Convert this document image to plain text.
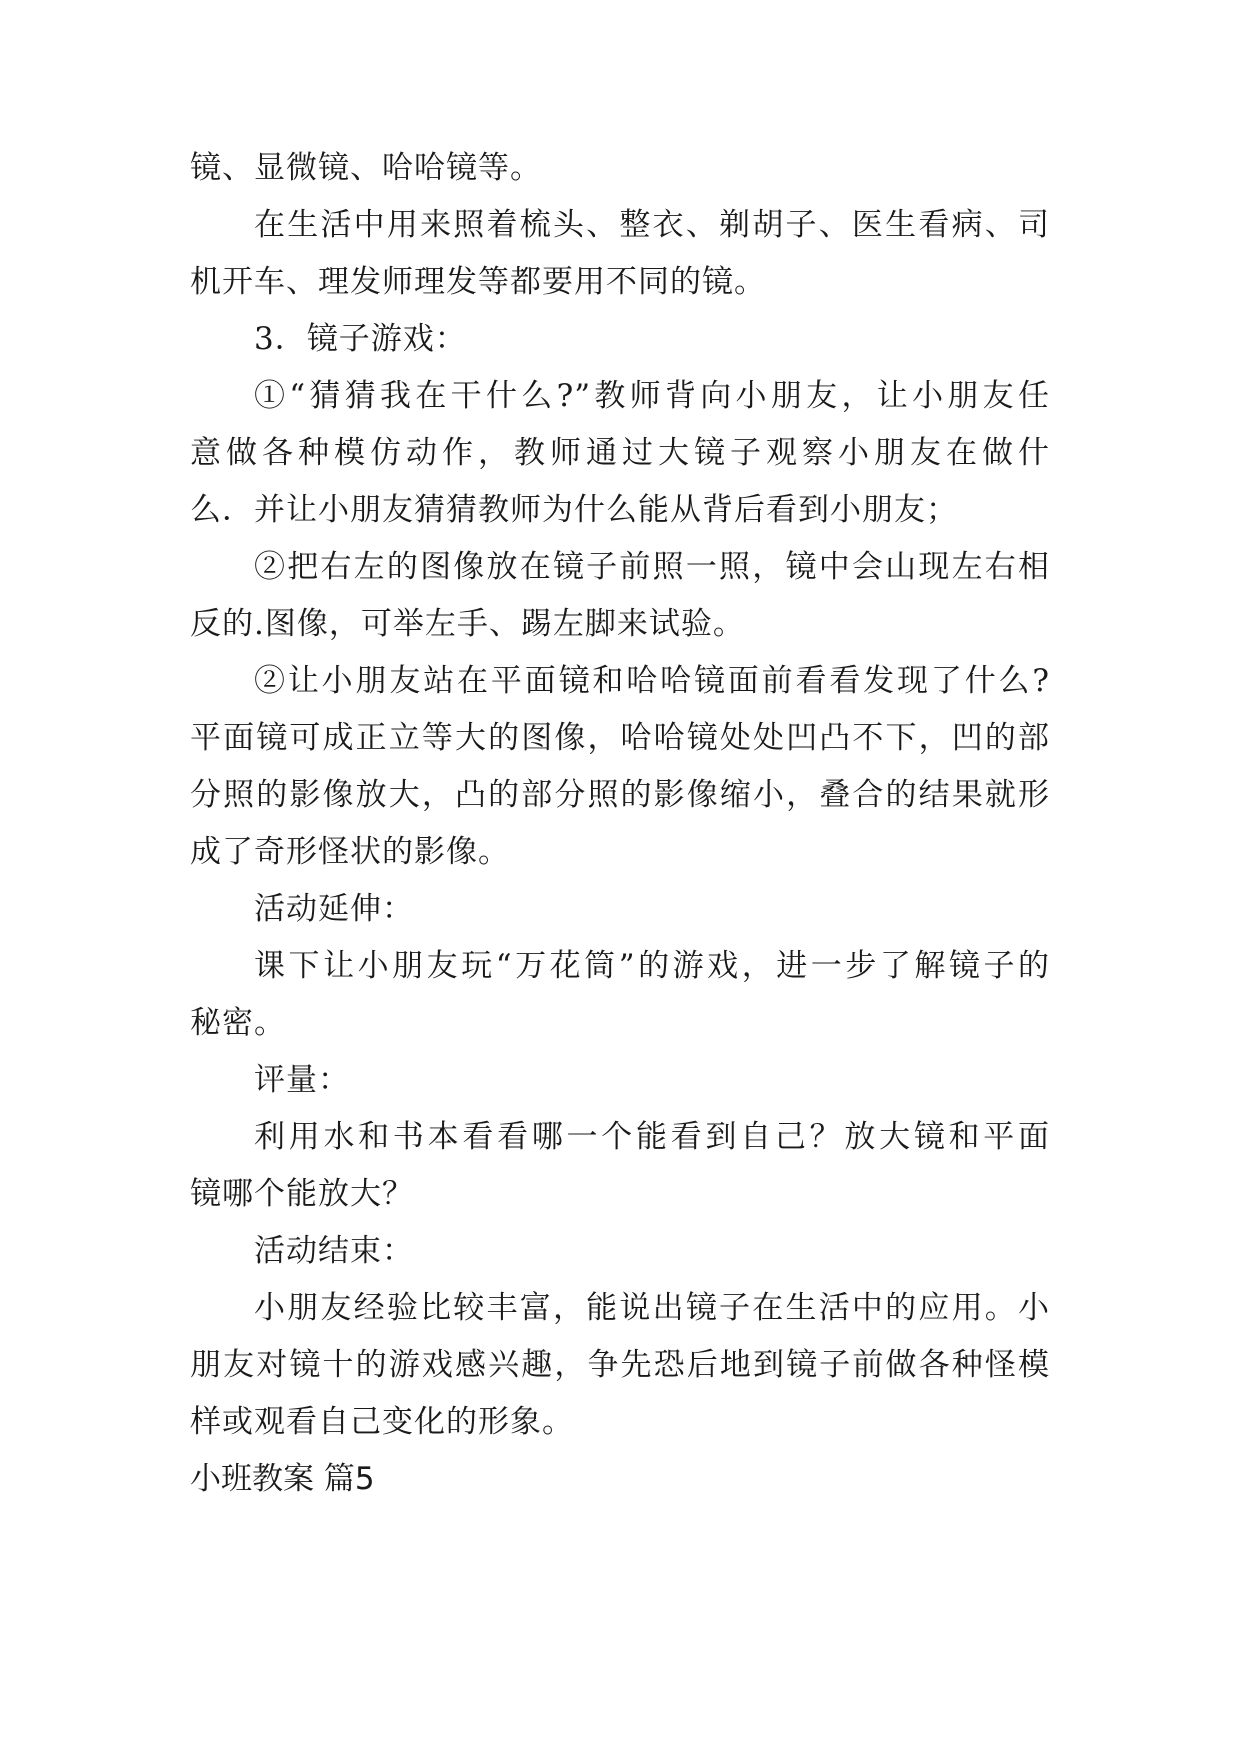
镜、显微镜、哈哈镜等。
在生活中用来照着梳头、整衣、剃胡子、医生看病、司
机开车、理发师理发等都要用不同的镜。
3．镜子游戏：
①“猜猜我在干什么?”教师背向小朋友，让小朋友任
意做各种模仿动作，教师通过大镜子观察小朋友在做什
么．并让小朋友猜猜教师为什么能从背后看到小朋友；
②把右左的图像放在镜子前照一照，镜中会山现左右相
反的.图像，可举左手、踢左脚来试验。
②让小朋友站在平面镜和哈哈镜面前看看发现了什么?
平面镜可成正立等大的图像，哈哈镜处处凹凸不下，凹的部
分照的影像放大，凸的部分照的影像缩小，叠合的结果就形
成了奇形怪状的影像。
活动延伸：
课下让小朋友玩“万花筒”的游戏，进一步了解镜子的
秘密。
评量：
利用水和书本看看哪一个能看到自己？放大镜和平面
镜哪个能放大？
活动结束：
小朋友经验比较丰富，能说出镜子在生活中的应用。小
朋友对镜十的游戏感兴趣，争先恐后地到镜子前做各种怪模
样或观看自己变化的形象。
小班教案 篇5
